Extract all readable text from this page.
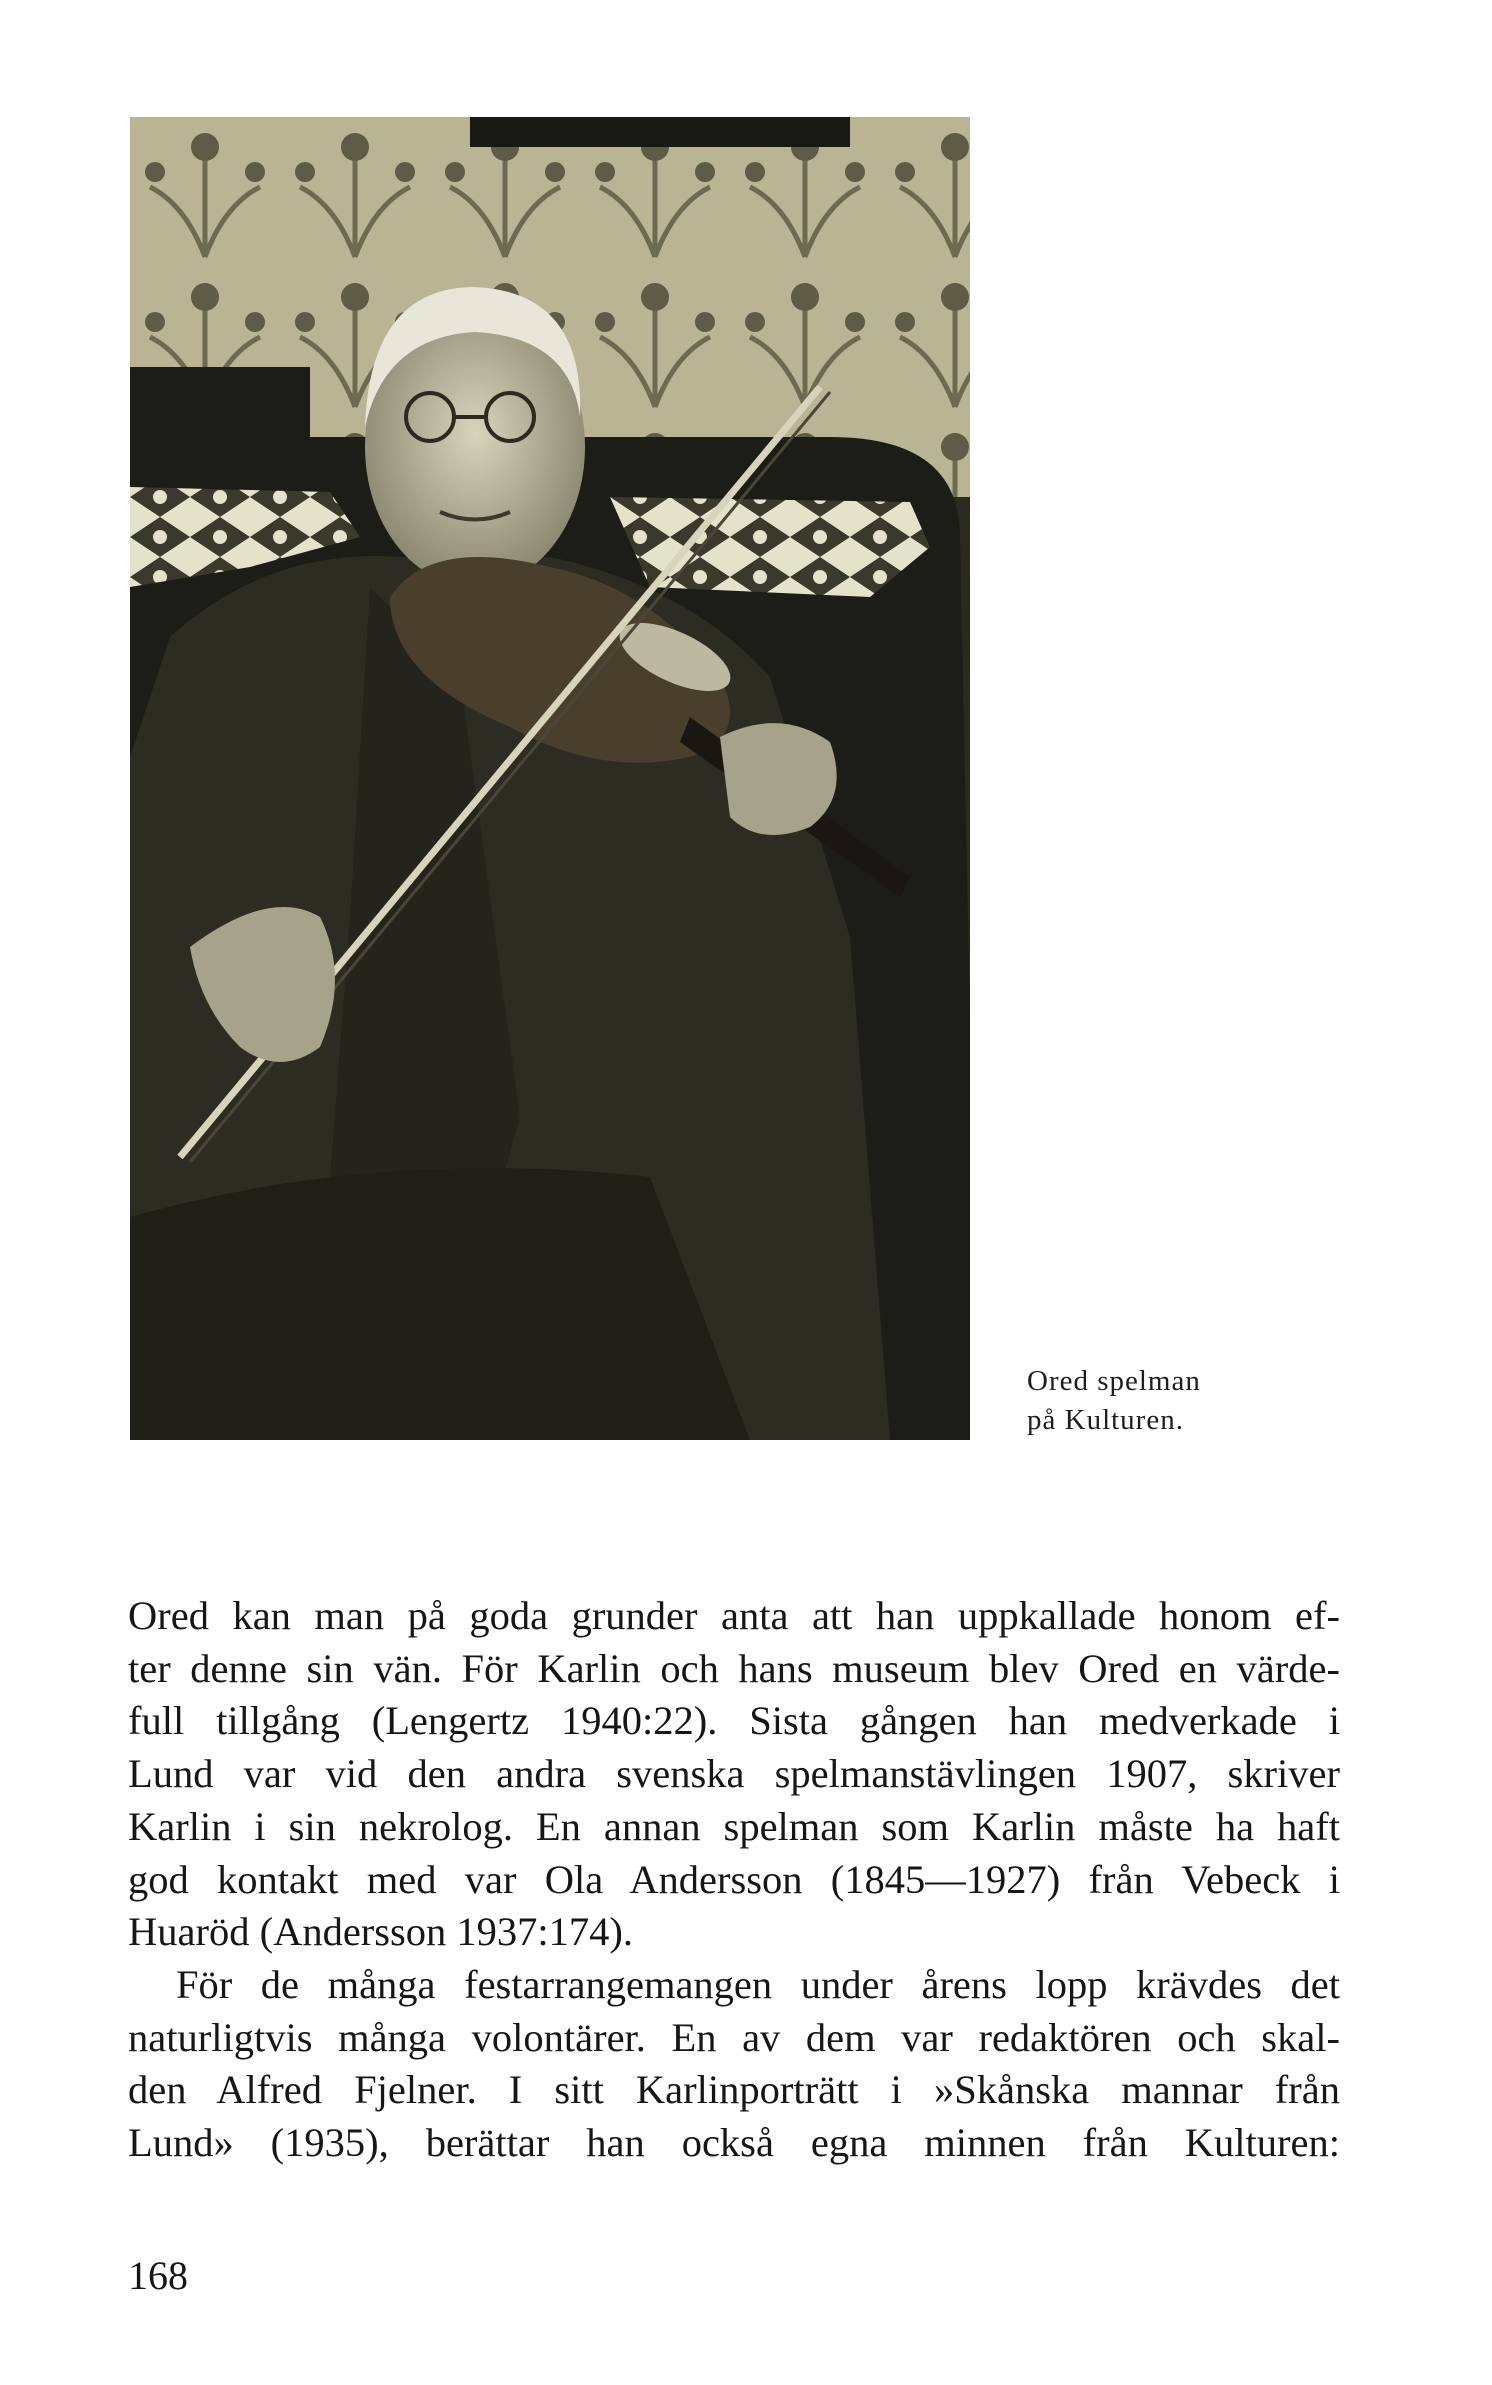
Ored spelman
på Kulturen.
Ored kan man på goda grunder anta att han uppkallade honom ef-
ter denne sin vän. För Karlin och hans museum blev Ored en värde-
full tillgång (Lengertz 1940:22). Sista gången han medverkade i
Lund var vid den andra svenska spelmanstävlingen 1907, skriver
Karlin i sin nekrolog. En annan spelman som Karlin måste ha haft
god kontakt med var Ola Andersson (1845—1927) från Vebeck i
Huaröd (Andersson 1937:174).
För de många festarrangemangen under årens lopp krävdes det
naturligtvis många volontärer. En av dem var redaktören och skal-
den Alfred Fjelner. I sitt Karlinporträtt i »Skånska mannar från
Lund» (1935), berättar han också egna minnen från Kulturen:
168
